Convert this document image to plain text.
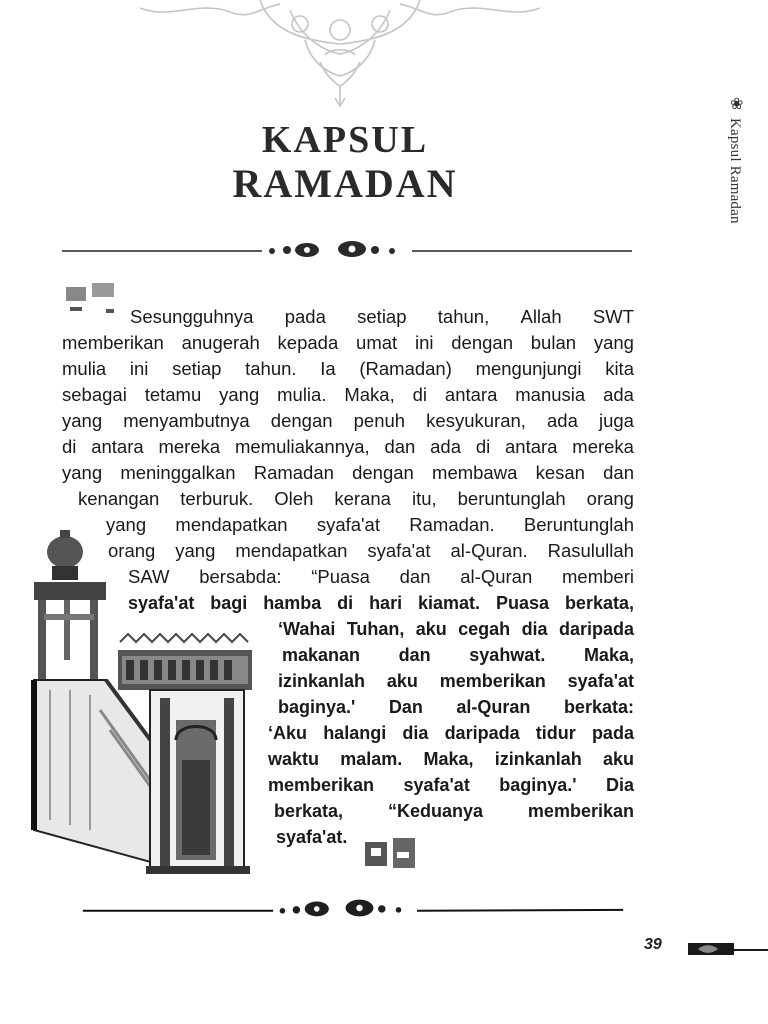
❀
Kapsul Ramadan
KAPSUL
RAMADAN
Sesungguhnya pada setiap tahun, Allah SWT
memberikan anugerah kepada umat ini dengan bulan yang
mulia ini setiap tahun. Ia (Ramadan) mengunjungi kita
sebagai tetamu yang mulia. Maka, di antara manusia ada
yang menyambutnya dengan penuh kesyukuran, ada juga
di antara mereka memuliakannya, dan ada di antara mereka
yang meninggalkan Ramadan dengan membawa kesan dan
kenangan terburuk. Oleh kerana itu, beruntunglah orang
yang mendapatkan syafa'at Ramadan. Beruntunglah
orang yang mendapatkan syafa'at al-Quran. Rasulullah
SAW bersabda: “Puasa dan al-Quran memberi
syafa'at bagi hamba di hari kiamat. Puasa berkata,
‘Wahai Tuhan, aku cegah dia daripada
makanan dan syahwat. Maka,
izinkanlah aku memberikan syafa'at
baginya.' Dan al-Quran berkata:
‘Aku halangi dia daripada tidur pada
waktu malam. Maka, izinkanlah aku
memberikan syafa'at baginya.' Dia
berkata, “Keduanya memberikan
syafa'at.
39
